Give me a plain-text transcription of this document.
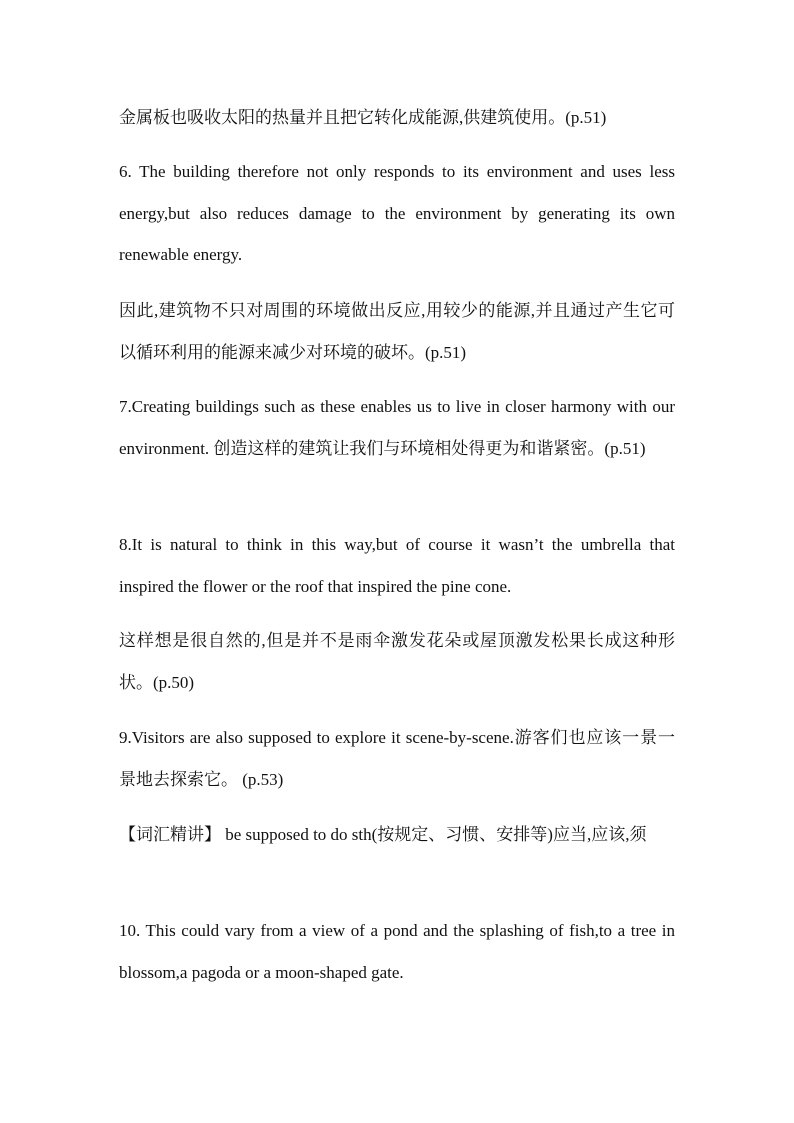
金属板也吸收太阳的热量并且把它转化成能源,供建筑使用。(p.51)

6. The building therefore not only responds to its environment and uses less energy,but also reduces damage to the environment by generating its own renewable energy.

因此,建筑物不只对周围的环境做出反应,用较少的能源,并且通过产生它可以循环利用的能源来减少对环境的破坏。(p.51)

7.Creating buildings such as these enables us to live in closer harmony with our environment. 创造这样的建筑让我们与环境相处得更为和谐紧密。(p.51)

8.It is natural to think in this way,but of course it wasn’t the umbrella that inspired the flower or the roof that inspired the pine cone.

这样想是很自然的,但是并不是雨伞激发花朵或屋顶激发松果长成这种形状。(p.50)

9.Visitors are also supposed to explore it scene-by-scene.游客们也应该一景一景地去探索它。 (p.53)

【词汇精讲】 be supposed to do sth(按规定、习惯、安排等)应当,应该,须

10. This could vary from a view of a pond and the splashing of fish,to a tree in blossom,a pagoda or a moon-shaped gate.
